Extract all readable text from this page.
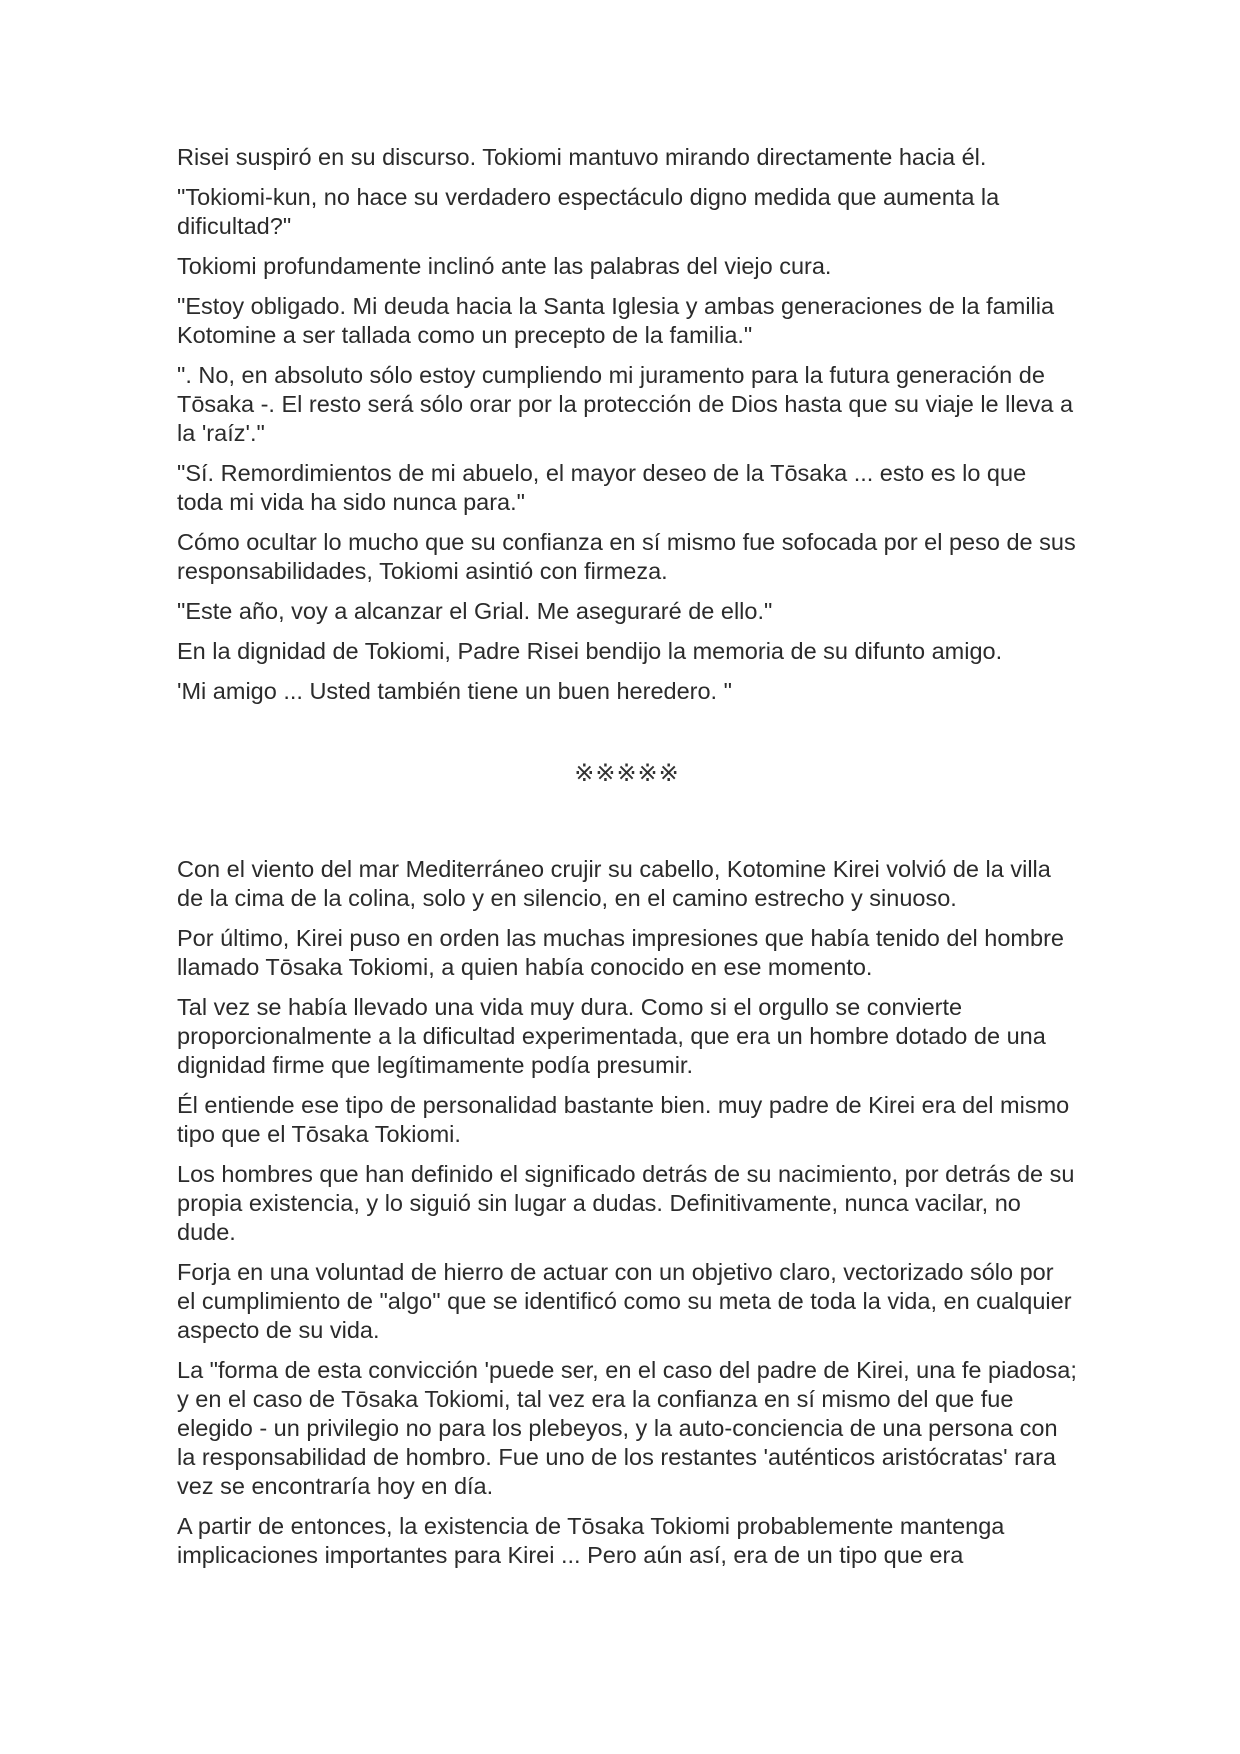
Risei suspiró en su discurso. Tokiomi mantuvo mirando directamente hacia él.

"Tokiomi-kun, no hace su verdadero espectáculo digno medida que aumenta la dificultad?"

Tokiomi profundamente inclinó ante las palabras del viejo cura.

"Estoy obligado. Mi deuda hacia la Santa Iglesia y ambas generaciones de la familia Kotomine a ser tallada como un precepto de la familia."

". No, en absoluto sólo estoy cumpliendo mi juramento para la futura generación de Tōsaka -. El resto será sólo orar por la protección de Dios hasta que su viaje le lleva a la 'raíz'."

"Sí. Remordimientos de mi abuelo, el mayor deseo de la Tōsaka ... esto es lo que toda mi vida ha sido nunca para."

Cómo ocultar lo mucho que su confianza en sí mismo fue sofocada por el peso de sus responsabilidades, Tokiomi asintió con firmeza.

"Este año, voy a alcanzar el Grial. Me aseguraré de ello."

En la dignidad de Tokiomi, Padre Risei bendijo la memoria de su difunto amigo.

'Mi amigo ... Usted también tiene un buen heredero. "

※※※※※

Con el viento del mar Mediterráneo crujir su cabello, Kotomine Kirei volvió de la villa de la cima de la colina, solo y en silencio, en el camino estrecho y sinuoso.

Por último, Kirei puso en orden las muchas impresiones que había tenido del hombre llamado Tōsaka Tokiomi, a quien había conocido en ese momento.

Tal vez se había llevado una vida muy dura. Como si el orgullo se convierte proporcionalmente a la dificultad experimentada, que era un hombre dotado de una dignidad firme que legítimamente podía presumir.

Él entiende ese tipo de personalidad bastante bien. muy padre de Kirei era del mismo tipo que el Tōsaka Tokiomi.

Los hombres que han definido el significado detrás de su nacimiento, por detrás de su propia existencia, y lo siguió sin lugar a dudas. Definitivamente, nunca vacilar, no dude.

Forja en una voluntad de hierro de actuar con un objetivo claro, vectorizado sólo por el cumplimiento de "algo" que se identificó como su meta de toda la vida, en cualquier aspecto de su vida.

La "forma de esta convicción 'puede ser, en el caso del padre de Kirei, una fe piadosa; y en el caso de Tōsaka Tokiomi, tal vez era la confianza en sí mismo del que fue elegido - un privilegio no para los plebeyos, y la auto-conciencia de una persona con la responsabilidad de hombro. Fue uno de los restantes 'auténticos aristócratas' rara vez se encontraría hoy en día.

A partir de entonces, la existencia de Tōsaka Tokiomi probablemente mantenga implicaciones importantes para Kirei ... Pero aún así, era de un tipo que era
